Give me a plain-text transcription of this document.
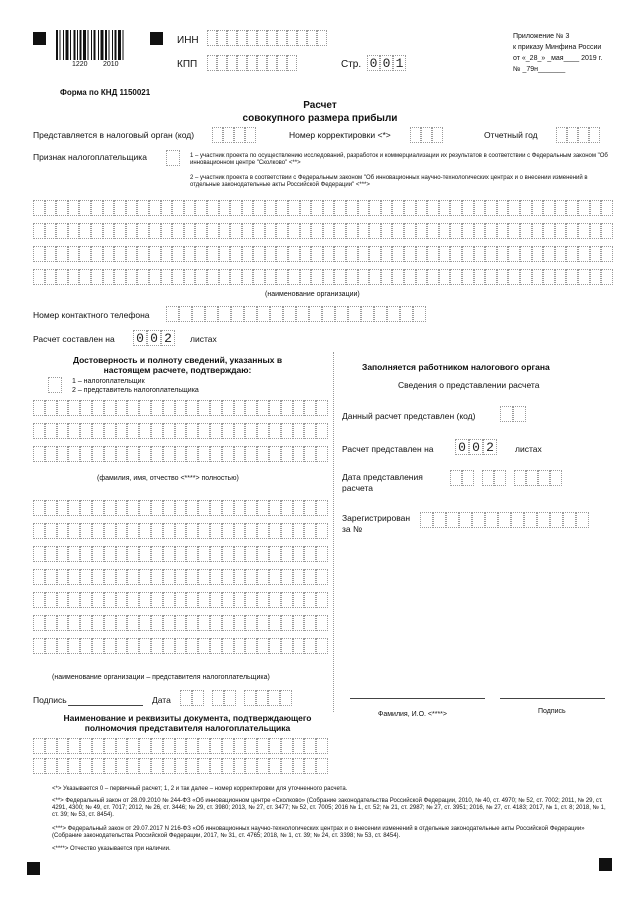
1220 2010
ИНН
КПП	Стр. 0 0 1
Приложение № 3
к приказу Минфина России
от «_28_» _мая____ 2019 г.
№ _79н_______
Форма по КНД 1150021
Расчет
совокупного размера прибыли
Представляется в налоговый орган (код)	Номер корректировки <*>	Отчетный год
Признак налогоплательщика	1 – участник проекта по осуществлению исследований, разработок и коммерциализации их результатов в соответствии с Федеральным законом "Об инновационном центре "Сколково" <**>
2 – участник проекта в соответствии с Федеральным законом "Об инновационных научно-технологических центрах и о внесении изменений в отдельные законодательные акты Российской Федерации" <***>
(наименование организации)
Номер контактного телефона
Расчет составлен на 0 0 2	листах
Достоверность и полноту сведений, указанных в настоящем расчете, подтверждаю:
1 – налогоплательщик
2 – представитель налогоплательщика
(фамилия, имя, отчество <****> полностью)
(наименование организации – представителя налогоплательщика)
Подпись	Дата
Наименование и реквизиты документа, подтверждающего полномочия представителя налогоплательщика
Заполняется работником налогового органа
Сведения о представлении расчета
Данный расчет представлен (код)
Расчет представлен на 0 0 2	листах
Дата представления расчета
Зарегистрирован за №
Фамилия, И.О. <****>	Подпись
<*> Указывается 0 – первичный расчет; 1, 2 и так далее – номер корректировки для уточненного расчета.
<**> Федеральный закон от 28.09.2010 № 244-ФЗ «Об инновационном центре «Сколково» (Собрание законодательства Российской Федерации, 2010, № 40, ст. 4970; № 52, ст. 7002; 2011, № 29, ст. 4291, 4300; № 49, ст. 7017; 2012, № 26, ст. 3446; № 29, ст. 3980; 2013, № 27, ст. 3477; № 52, ст. 7005; 2016 № 1, ст. 52; № 21, ст. 2987; № 27, ст. 3951; 2016, № 27, ст. 4183; 2017, № 1, ст. 8; 2018, № 1, ст. 39; № 53, ст. 8454).
<***> Федеральный закон от 29.07.2017 N 216-ФЗ «Об инновационных научно-технологических центрах и о внесении изменений в отдельные законодательные акты Российской Федерации» (Собрание законодательства Российской Федерации, 2017, № 31, ст. 4765; 2018, № 1, ст. 39; № 24, ст. 3398; № 53, ст. 8454).
<****> Отчество указывается при наличии.
